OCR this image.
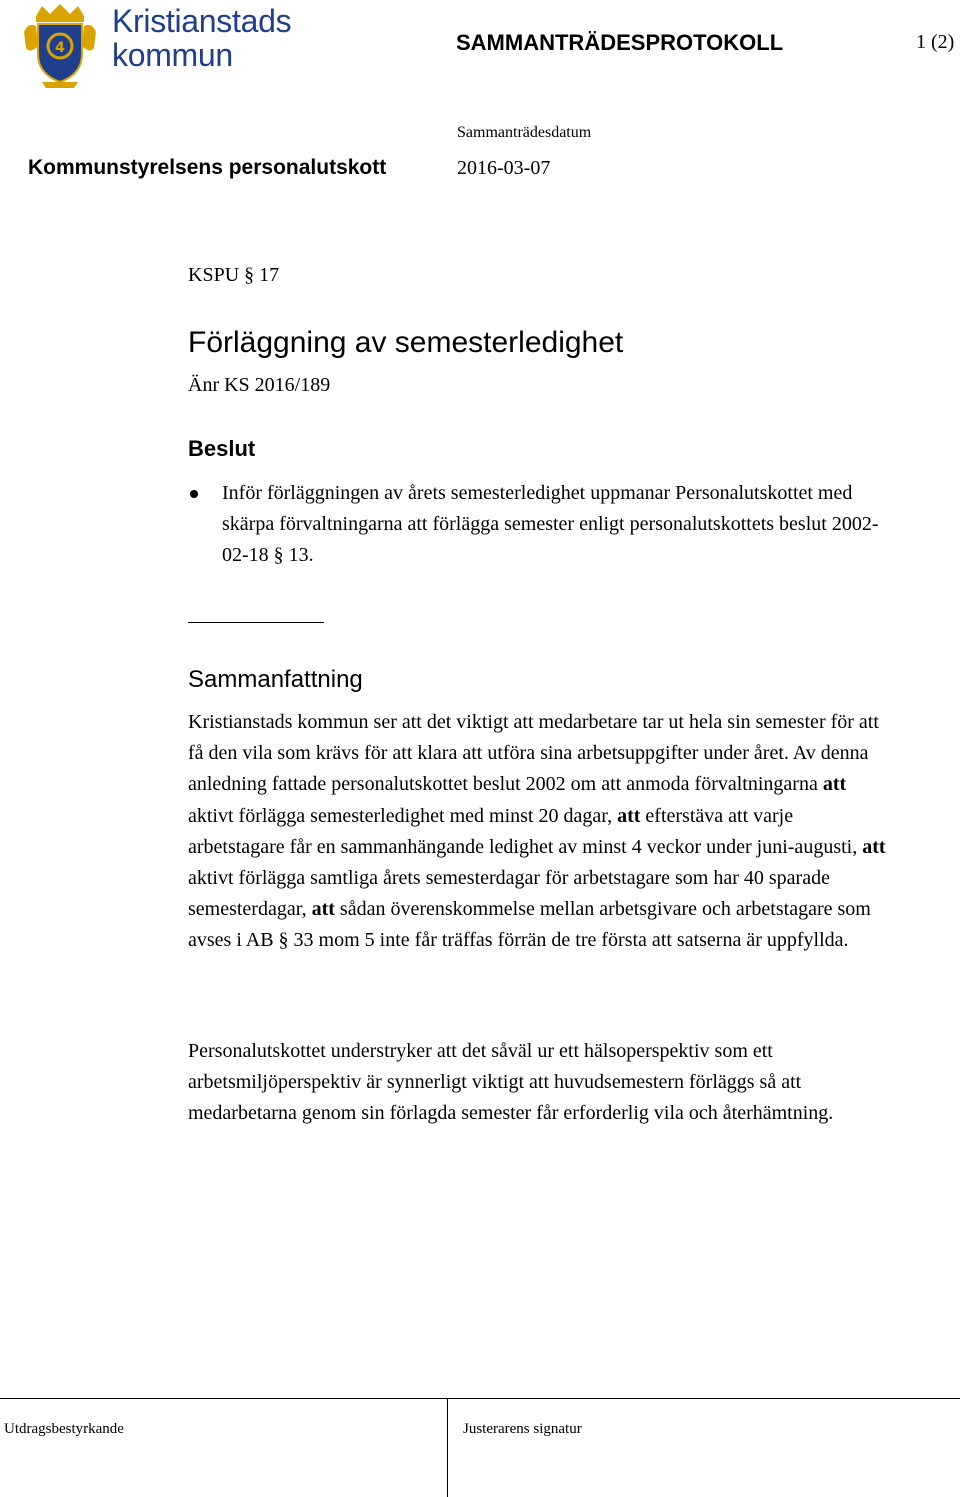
4
Kristianstads
kommun	SAMMANTRÄDESPROTOKOLL	1 (2)
Sammanträdesdatum
Kommunstyrelsens personalutskott	2016-03-07
KSPU § 17
Förläggning av semesterledighet
Änr KS 2016/189
Beslut
Inför förläggningen av årets semesterledighet uppmanar Personalutskottet med skärpa förvaltningarna att förlägga semester enligt personalutskottets beslut 2002-02-18 § 13.
Sammanfattning
Kristianstads kommun ser att det viktigt att medarbetare tar ut hela sin semester för att få den vila som krävs för att klara att utföra sina arbetsuppgifter under året. Av denna anledning fattade personalutskottet beslut 2002 om att anmoda förvaltningarna att aktivt förlägga semesterledighet med minst 20 dagar, att efterstäva att varje arbetstagare får en sammanhängande ledighet av minst 4 veckor under juni-augusti, att aktivt förlägga samtliga årets semesterdagar för arbetstagare som har 40 sparade semesterdagar, att sådan överenskommelse mellan arbetsgivare och arbetstagare som avses i AB § 33 mom 5 inte får träffas förrän de tre första att satserna är uppfyllda.
Personalutskottet understryker att det såväl ur ett hälsoperspektiv som ett arbetsmiljöperspektiv är synnerligt viktigt att huvudsemestern förläggs så att medarbetarna genom sin förlagda semester får erforderlig vila och återhämtning.
Utdragsbestyrkande	Justerarens signatur
